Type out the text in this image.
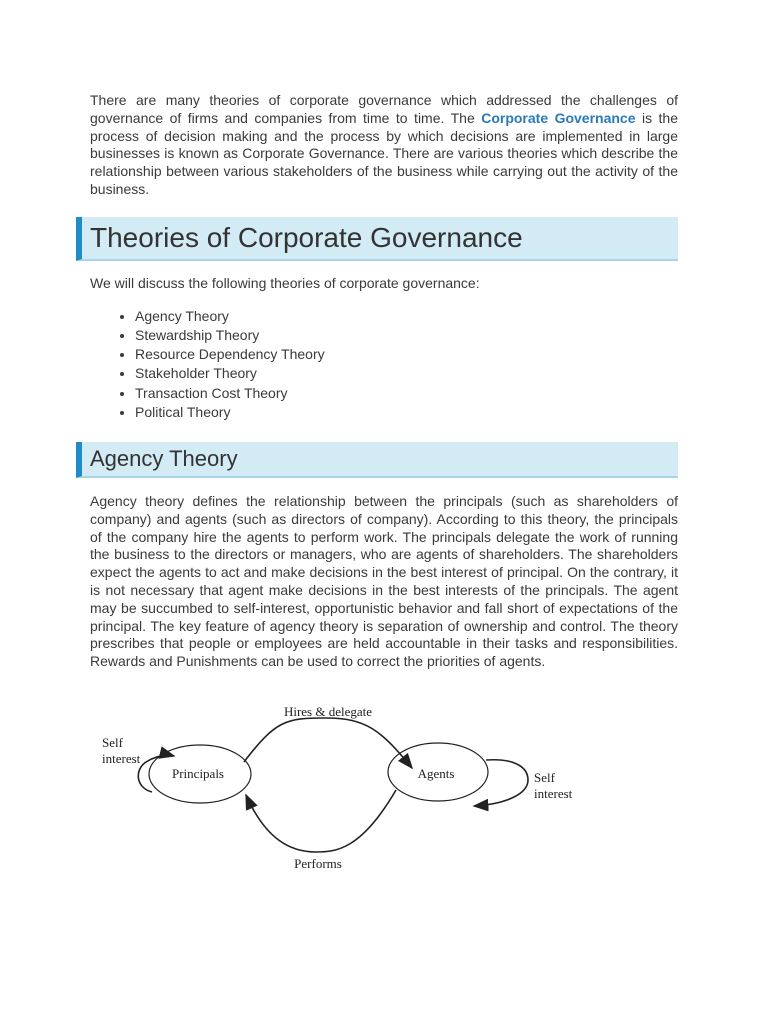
There are many theories of corporate governance which addressed the challenges of governance of firms and companies from time to time. The Corporate Governance is the process of decision making and the process by which decisions are implemented in large businesses is known as Corporate Governance. There are various theories which describe the relationship between various stakeholders of the business while carrying out the activity of the business.

Theories of Corporate Governance
We will discuss the following theories of corporate governance:
• Agency Theory
• Stewardship Theory
• Resource Dependency Theory
• Stakeholder Theory
• Transaction Cost Theory
• Political Theory
Agency Theory

Agency theory defines the relationship between the principals (such as shareholders of company) and agents (such as directors of company). According to this theory, the principals of the company hire the agents to perform work. The principals delegate the work of running the business to the directors or managers, who are agents of shareholders. The shareholders expect the agents to act and make decisions in the best interest of principal. On the contrary, it is not necessary that agent make decisions in the best interests of the principals. The agent may be succumbed to self-interest, opportunistic behavior and fall short of expectations of the principal. The key feature of agency theory is separation of ownership and control. The theory prescribes that people or employees are held accountable in their tasks and responsibilities. Rewards and Punishments can be used to correct the priorities of agents.

Principals	Agents
Hires & delegate
Performs
Self
interest
Self
interest
